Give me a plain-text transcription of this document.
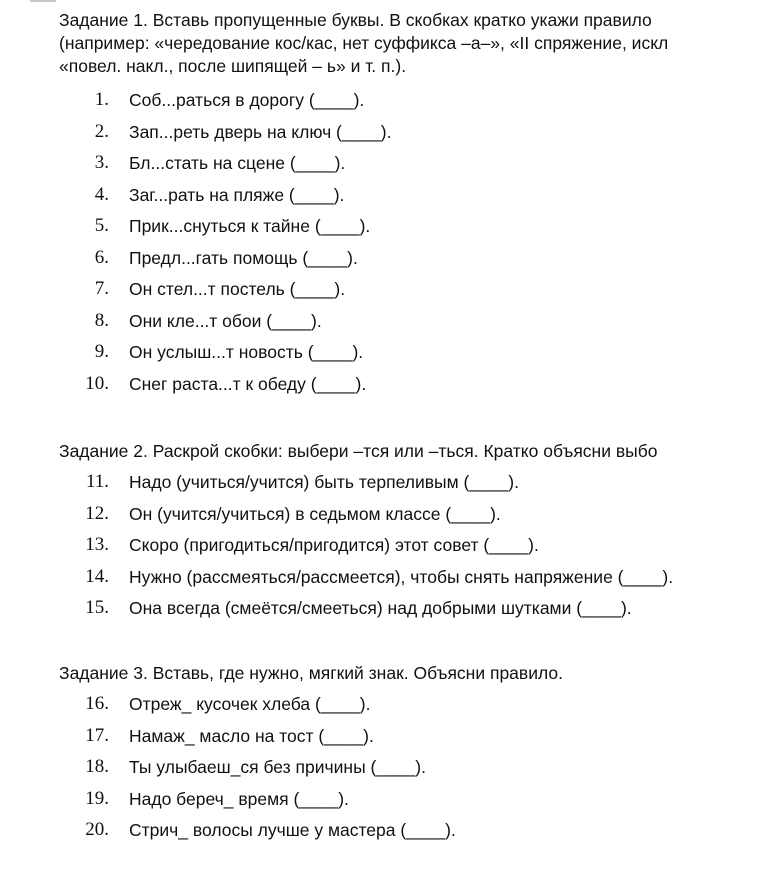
Задание 1. Вставь пропущенные буквы. В скобках кратко укажи правило
(например: «чередование кос/кас, нет суффикса –а–», «II спряжение, искл
«повел. накл., после шипящей – ь» и т. п.).
1. Соб...раться в дорогу (____).
2. Зап...реть дверь на ключ (____).
3. Бл...стать на сцене (____).
4. Заг...рать на пляже (____).
5. Прик...снуться к тайне (____).
6. Предл...гать помощь (____).
7. Он стел...т постель (____).
8. Они кле...т обои (____).
9. Он услыш...т новость (____).
10. Снег раста...т к обеду (____).
Задание 2. Раскрой скобки: выбери –тся или –ться. Кратко объясни выбо
11. Надо (учиться/учится) быть терпеливым (____).
12. Он (учится/учиться) в седьмом классе (____).
13. Скоро (пригодиться/пригодится) этот совет (____).
14. Нужно (рассмеяться/рассмеется), чтобы снять напряжение (____).
15. Она всегда (смеётся/смееться) над добрыми шутками (____).
Задание 3. Вставь, где нужно, мягкий знак. Объясни правило.
16. Отреж_ кусочек хлеба (____).
17. Намаж_ масло на тост (____).
18. Ты улыбаеш_ся без причины (____).
19. Надо береч_ время (____).
20. Стрич_ волосы лучше у мастера (____).
